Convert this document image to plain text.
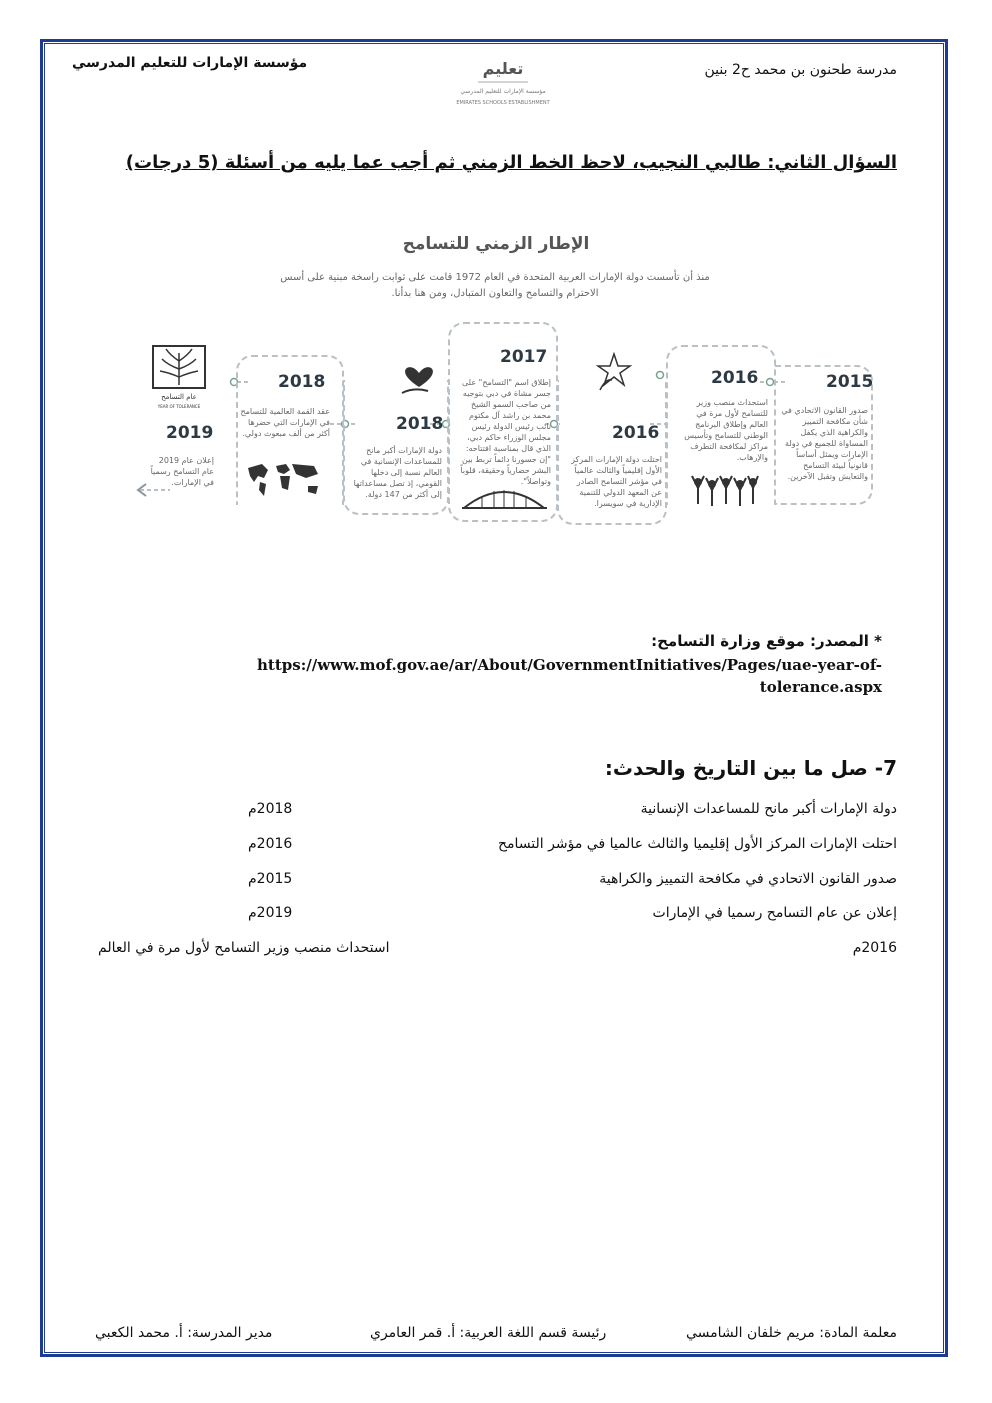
مدرسة طحنون بن محمد ح2 بنين
مؤسسة الإمارات للتعليم المدرسي	تعليم
مؤسسة الإمارات للتعليم المدرسي
EMIRATES SCHOOLS ESTABLISHMENT
السؤال الثاني: طالبي النجيب، لاحظ الخط الزمني ثم أجب عما يليه من أسئلة (5 درجات)
الإطار الزمني للتسامح
منذ أن تأسست دولة الإمارات العربية المتحدة في العام 1972 قامت على ثوابت راسخة مبنية على أسس الاحترام والتسامح والتعاون المتبادل، ومن هنا بدأنا.
2015
صدور القانون الاتحادي في شأن مكافحة التمييز والكراهية الذي يكفل المساواة للجميع في دولة الإمارات ويمثل أساساً قانونياً لبيئة التسامح والتعايش وتقبل الآخرين.
2016
استحداث منصب وزير للتسامح لأول مرة في العالم وإطلاق البرنامج الوطني للتسامح وتأسيس مراكز لمكافحة التطرف والإرهاب.
2016
احتلت دولة الإمارات المركز الأول إقليمياً والثالث عالمياً في مؤشر التسامح الصادر عن المعهد الدولي للتنمية الإدارية في سويسرا.
2017
إطلاق اسم "التسامح" على جسر مشاة في دبي بتوجيه من صاحب السمو الشيخ محمد بن راشد آل مكتوم نائب رئيس الدولة رئيس مجلس الوزراء حاكم دبي، الذي قال بمناسبة افتتاحه: "إن جسورنا دائماً تربط بين البشر حضارياً وحقيقة، قلوباً وتواصلاً".
2018
دولة الإمارات أكبر مانح للمساعدات الإنسانية في العالم نسبة إلى دخلها القومي، إذ تصل مساعداتها إلى أكثر من 147 دولة.
2018
عقد القمة العالمية للتسامح في الإمارات التي حضرها أكثر من ألف مبعوث دولي.
عام التسامح
YEAR OF TOLERANCE
2019
إعلان عام 2019 عام التسامح رسمياً في الإمارات.
* المصدر: موقع وزارة التسامح:
https://www.mof.gov.ae/ar/About/GovernmentInitiatives/Pages/uae-year-of-
tolerance.aspx
7- صل ما بين التاريخ والحدث:
دولة الإمارات أكبر مانح للمساعدات الإنسانية
2018م
احتلت الإمارات المركز الأول إقليميا والثالث عالميا في مؤشر التسامح
2016م
صدور القانون الاتحادي في مكافحة التمييز والكراهية
2015م
إعلان عن عام التسامح رسميا في الإمارات
2019م
2016م
استحداث منصب وزير التسامح لأول مرة في العالم
معلمة المادة: مريم خلفان الشامسي
رئيسة قسم اللغة العربية: أ. قمر العامري
مدير المدرسة: أ. محمد الكعبي
